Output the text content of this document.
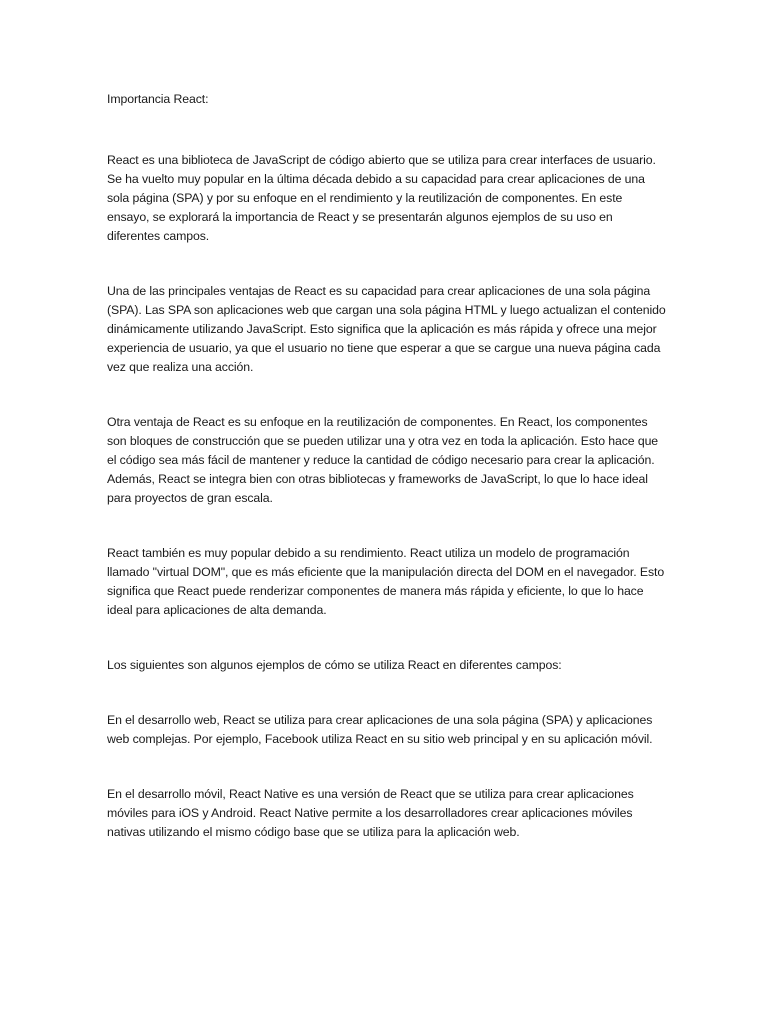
Importancia React:

React es una biblioteca de JavaScript de código abierto que se utiliza para crear interfaces de usuario. Se ha vuelto muy popular en la última década debido a su capacidad para crear aplicaciones de una sola página (SPA) y por su enfoque en el rendimiento y la reutilización de componentes. En este ensayo, se explorará la importancia de React y se presentarán algunos ejemplos de su uso en diferentes campos.

Una de las principales ventajas de React es su capacidad para crear aplicaciones de una sola página (SPA). Las SPA son aplicaciones web que cargan una sola página HTML y luego actualizan el contenido dinámicamente utilizando JavaScript. Esto significa que la aplicación es más rápida y ofrece una mejor experiencia de usuario, ya que el usuario no tiene que esperar a que se cargue una nueva página cada vez que realiza una acción.

Otra ventaja de React es su enfoque en la reutilización de componentes. En React, los componentes son bloques de construcción que se pueden utilizar una y otra vez en toda la aplicación. Esto hace que el código sea más fácil de mantener y reduce la cantidad de código necesario para crear la aplicación. Además, React se integra bien con otras bibliotecas y frameworks de JavaScript, lo que lo hace ideal para proyectos de gran escala.

React también es muy popular debido a su rendimiento. React utiliza un modelo de programación llamado "virtual DOM", que es más eficiente que la manipulación directa del DOM en el navegador. Esto significa que React puede renderizar componentes de manera más rápida y eficiente, lo que lo hace ideal para aplicaciones de alta demanda.

Los siguientes son algunos ejemplos de cómo se utiliza React en diferentes campos:

En el desarrollo web, React se utiliza para crear aplicaciones de una sola página (SPA) y aplicaciones web complejas. Por ejemplo, Facebook utiliza React en su sitio web principal y en su aplicación móvil.

En el desarrollo móvil, React Native es una versión de React que se utiliza para crear aplicaciones móviles para iOS y Android. React Native permite a los desarrolladores crear aplicaciones móviles nativas utilizando el mismo código base que se utiliza para la aplicación web.
